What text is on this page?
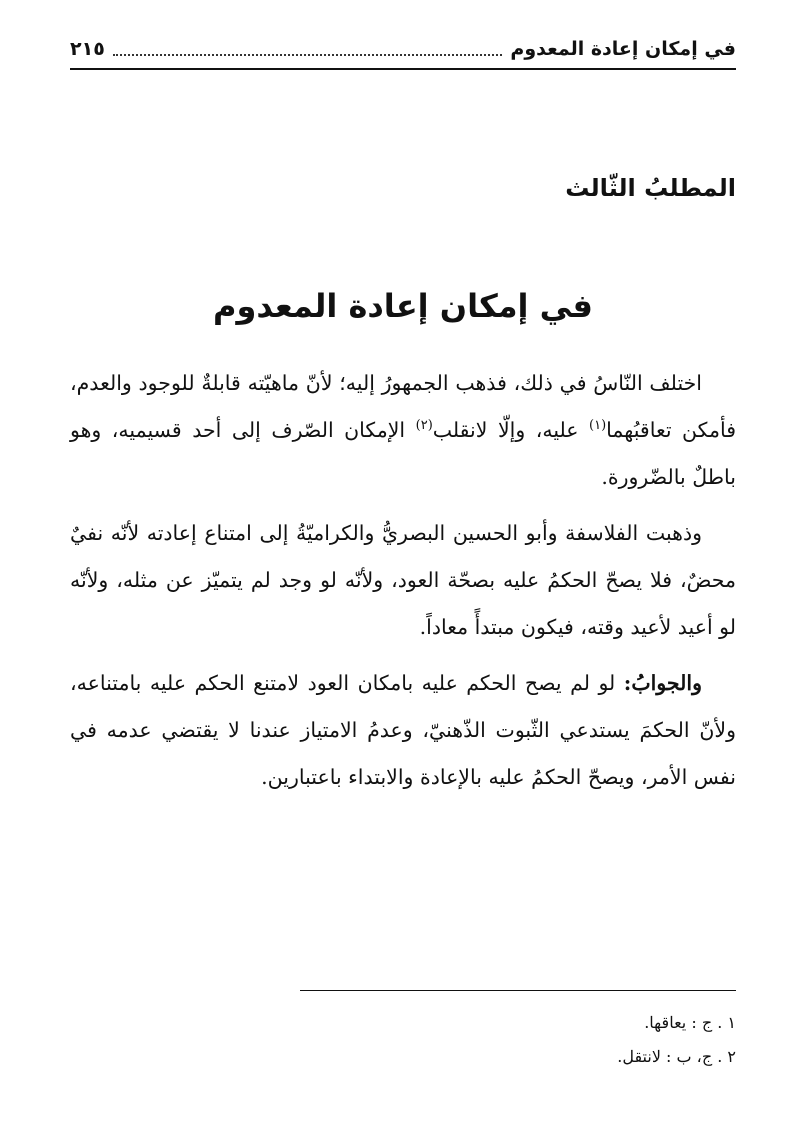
في إمكان إعادة المعدوم
٢١٥
المطلبُ الثّالث
في إمكان إعادة المعدوم

اختلف النّاسُ في ذلك، فذهب الجمهورُ إليه؛ لأنّ ماهيّته قابلةٌ للوجود والعدم، فأمكن تعاقبُهما$^{(١)}$ عليه، وإلّا لانقلب$^{(٢)}$ الإمكان الصّرف إلى أحد قسيميه، وهو باطلٌ بالضّرورة.

وذهبت الفلاسفة وأبو الحسين البصريُّ والكراميّةُ إلى امتناع إعادته لأنّه نفيٌ محضٌ، فلا يصحّ الحكمُ عليه بصحّة العود، ولأنّه لو وجد لم يتميّز عن مثله، ولأنّه لو أعيد لأعيد وقته، فيكون مبتدأً معاداً.

والجوابُ: لو لم يصح الحكم عليه بامكان العود لامتنع الحكم عليه بامتناعه، ولأنّ الحكمَ يستدعي الثّبوت الذّهنيّ، وعدمُ الامتياز عندنا لا يقتضي عدمه في نفس الأمر، ويصحّ الحكمُ عليه بالإعادة والابتداء باعتبارين.

١ . ج : يعاقها.
٢ . ج، ب : لانتقل.
